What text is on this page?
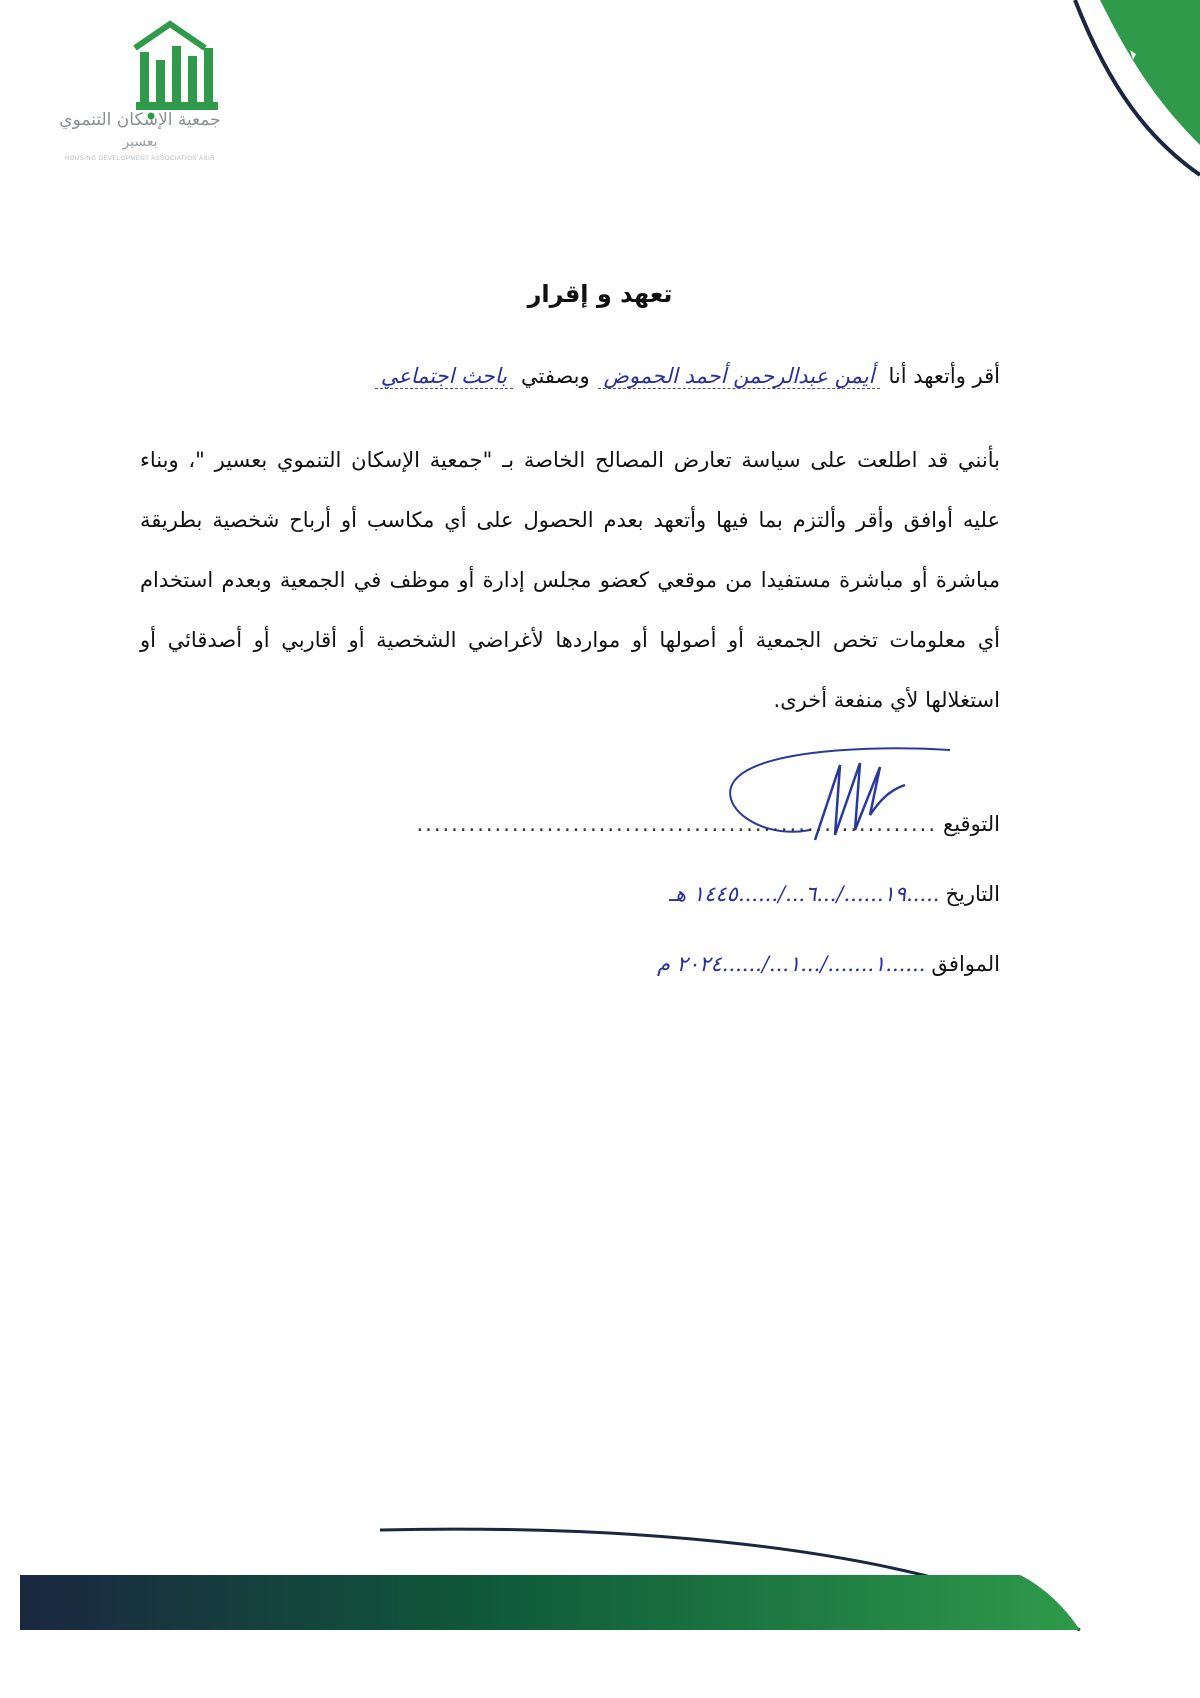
جمعية الإسكان التنموي
بعسير
HOUSING DEVELOPMENT ASSOCIATION ASIR
تعهد و إقرار
أقر وأتعهد أنا
أيمن عبدالرحمن أحمد الحموض
وبصفتي
باحث اجتماعي
بأنني قد اطلعت على سياسة تعارض المصالح الخاصة بـ "جمعية الإسكان التنموي بعسير "، وبناء عليه أوافق وأقر وألتزم بما فيها وأتعهد بعدم الحصول على أي مكاسب أو أرباح شخصية بطريقة مباشرة أو مباشرة مستفيدا من موقعي كعضو مجلس إدارة أو موظف في الجمعية وبعدم استخدام أي معلومات تخص الجمعية أو أصولها أو مواردها لأغراضي الشخصية أو أقاربي أو أصدقائي أو استغلالها لأي منفعة أخرى.
التوقيع
............................................................
التاريخ
.....١٩....../...٦.../......١٤٤٥ هـ
الموافق
......١......./...١.../......٢٠٢٤ م
